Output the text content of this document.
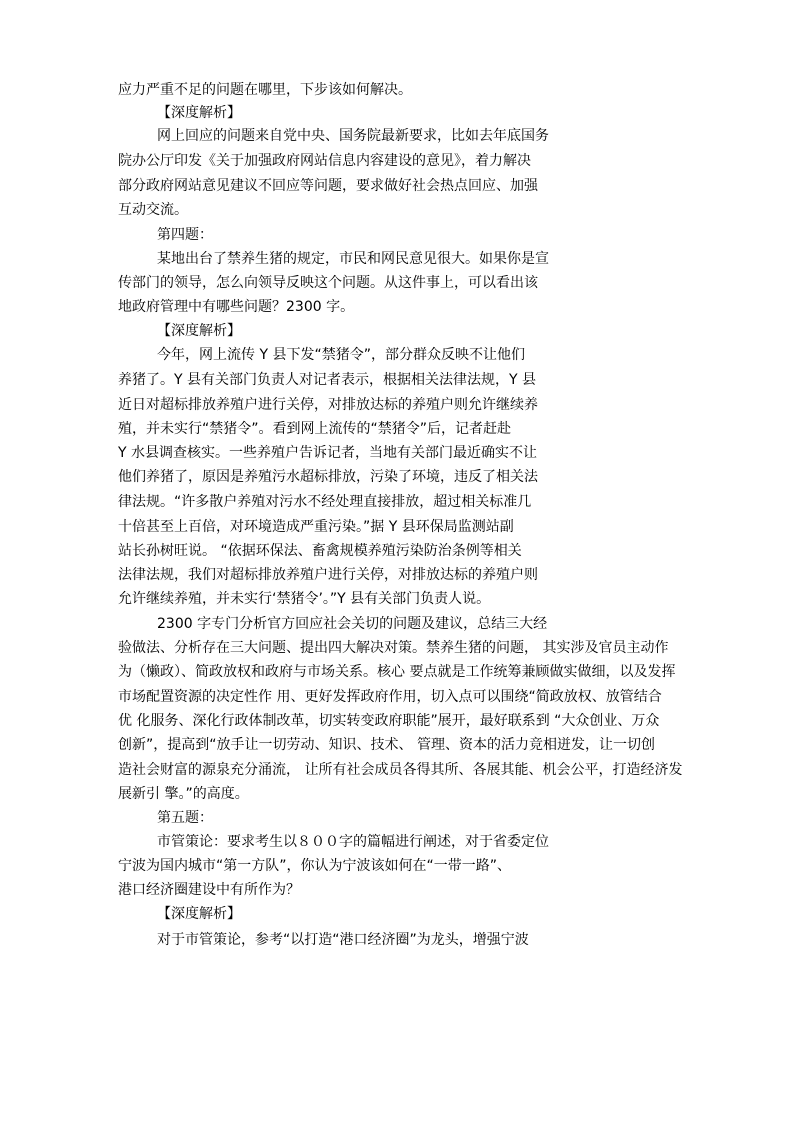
应力严重不足的问题在哪里，下步该如何解决。
【深度解析】
网上回应的问题来自党中央、国务院最新要求，比如去年底国务
院办公厅印发《关于加强政府网站信息内容建设的意见》，着力解决
部分政府网站意见建议不回应等问题，要求做好社会热点回应、加强
互动交流。
第四题：
某地出台了禁养生猪的规定，市民和网民意见很大。如果你是宣
传部门的领导，怎么向领导反映这个问题。从这件事上，可以看出该
地政府管理中有哪些问题？2300 字。
【深度解析】
今年，网上流传 Y 县下发“禁猪令”，部分群众反映不让他们
养猪了。Y 县有关部门负责人对记者表示，根据相关法律法规，Y 县
近日对超标排放养殖户进行关停，对排放达标的养殖户则允许继续养
殖，并未实行“禁猪令”。看到网上流传的“禁猪令”后，记者赶赴
Y 水县调查核实。一些养殖户告诉记者，当地有关部门最近确实不让
他们养猪了，原因是养殖污水超标排放，污染了环境，违反了相关法
律法规。“许多散户养殖对污水不经处理直接排放，超过相关标准几
十倍甚至上百倍，对环境造成严重污染。”据 Y 县环保局监测站副
站长孙树旺说。 “依据环保法、畜禽规模养殖污染防治条例等相关
法律法规，我们对超标排放养殖户进行关停，对排放达标的养殖户则
允许继续养殖，并未实行‘禁猪令’。”Y 县有关部门负责人说。
2300 字专门分析官方回应社会关切的问题及建议，总结三大经
验做法、分析存在三大问题、提出四大解决对策。禁养生猪的问题， 其实涉及官员主动作
为（懒政）、简政放权和政府与市场关系。核心 要点就是工作统筹兼顾做实做细，以及发挥
市场配置资源的决定性作 用、更好发挥政府作用，切入点可以围绕“简政放权、放管结合
优 化服务、深化行政体制改革，切实转变政府职能”展开，最好联系到 “大众创业、万众
创新”，提高到“放手让一切劳动、知识、技术、 管理、资本的活力竞相迸发，让一切创
造社会财富的源泉充分涌流， 让所有社会成员各得其所、各展其能、机会公平，打造经济发
展新引 擎。”的高度。
第五题：
市管策论：要求考生以８００字的篇幅进行阐述，对于省委定位
宁波为国内城市“第一方队”，你认为宁波该如何在“一带一路”、
港口经济圈建设中有所作为？
【深度解析】
对于市管策论，参考“以打造“港口经济圈”为龙头，增强宁波
